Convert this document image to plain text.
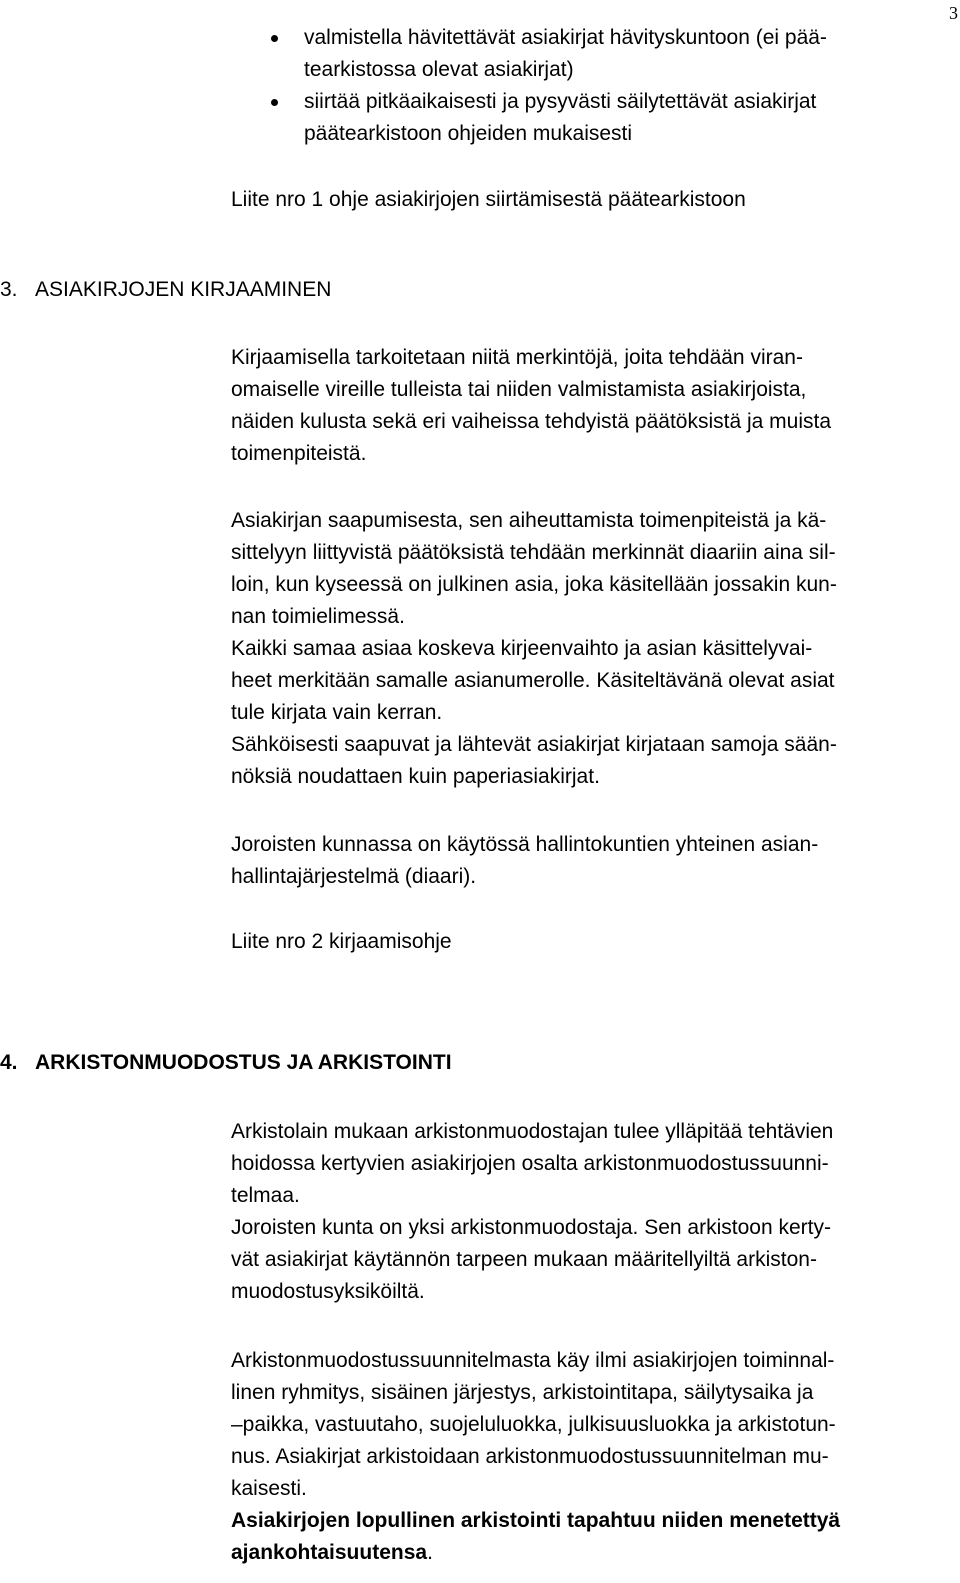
3
valmistella hävitettävät asiakirjat hävityskuntoon (ei pää-
tearkistossa olevat asiakirjat)
siirtää pitkäaikaisesti ja pysyvästi säilytettävät asiakirjat
päätearkistoon ohjeiden mukaisesti
Liite nro 1 ohje asiakirjojen siirtämisestä päätearkistoon
3. ASIAKIRJOJEN KIRJAAMINEN
Kirjaamisella tarkoitetaan niitä merkintöjä, joita tehdään viran-
omaiselle vireille tulleista tai niiden valmistamista asiakirjoista,
näiden kulusta sekä eri vaiheissa tehdyistä päätöksistä ja muista
toimenpiteistä.
Asiakirjan saapumisesta, sen aiheuttamista toimenpiteistä ja kä-
sittelyyn liittyvistä päätöksistä tehdään merkinnät diaariin aina sil-
loin, kun kyseessä on julkinen asia, joka käsitellään jossakin kun-
nan toimielimessä.
Kaikki samaa asiaa koskeva kirjeenvaihto ja asian käsittelyvai-
heet merkitään samalle asianumerolle. Käsiteltävänä olevat asiat
tule kirjata vain kerran.
Sähköisesti saapuvat ja lähtevät asiakirjat kirjataan samoja sään-
nöksiä noudattaen kuin paperiasiakirjat.
Joroisten kunnassa on käytössä hallintokuntien yhteinen asian-
hallintajärjestelmä (diaari).
Liite nro 2 kirjaamisohje
4. ARKISTONMUODOSTUS JA ARKISTOINTI
Arkistolain mukaan arkistonmuodostajan tulee ylläpitää tehtävien
hoidossa kertyvien asiakirjojen osalta arkistonmuodostussuunni-
telmaa.
Joroisten kunta on yksi arkistonmuodostaja. Sen arkistoon kerty-
vät asiakirjat käytännön tarpeen mukaan määritellyiltä arkiston-
muodostusyksiköiltä.
Arkistonmuodostussuunnitelmasta käy ilmi asiakirjojen toiminnal-
linen ryhmitys, sisäinen järjestys, arkistointitapa, säilytysaika ja
–paikka, vastuutaho, suojeluluokka, julkisuusluokka ja arkistotun-
nus. Asiakirjat arkistoidaan arkistonmuodostussuunnitelman mu-
kaisesti.
Asiakirjojen lopullinen arkistointi tapahtuu niiden menetettyä
ajankohtaisuutensa.
